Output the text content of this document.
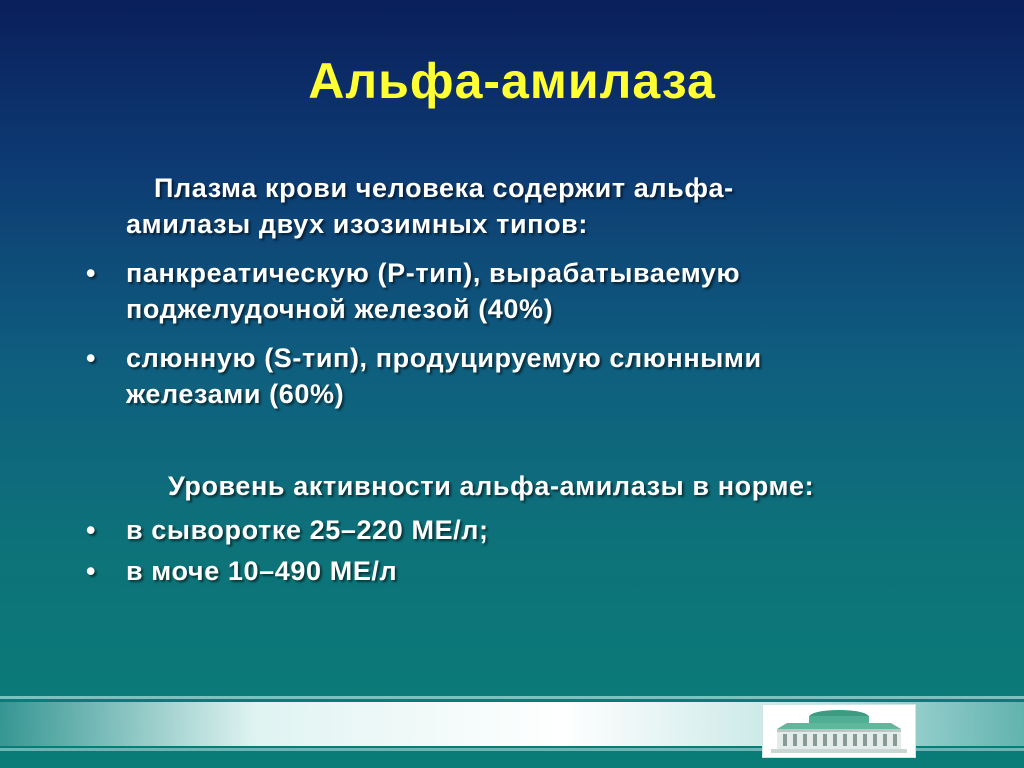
Альфа-амилаза
Плазма крови человека содержит альфа-амилазы двух изозимных типов:
•	панкреатическую (P-тип), вырабатываемую поджелудочной железой (40%)
•	слюнную (S-тип), продуцируемую слюнными железами (60%)
Уровень активности альфа-амилазы в норме:
•	в сыворотке 25–220 МЕ/л;
•	в моче 10–490 МЕ/л
